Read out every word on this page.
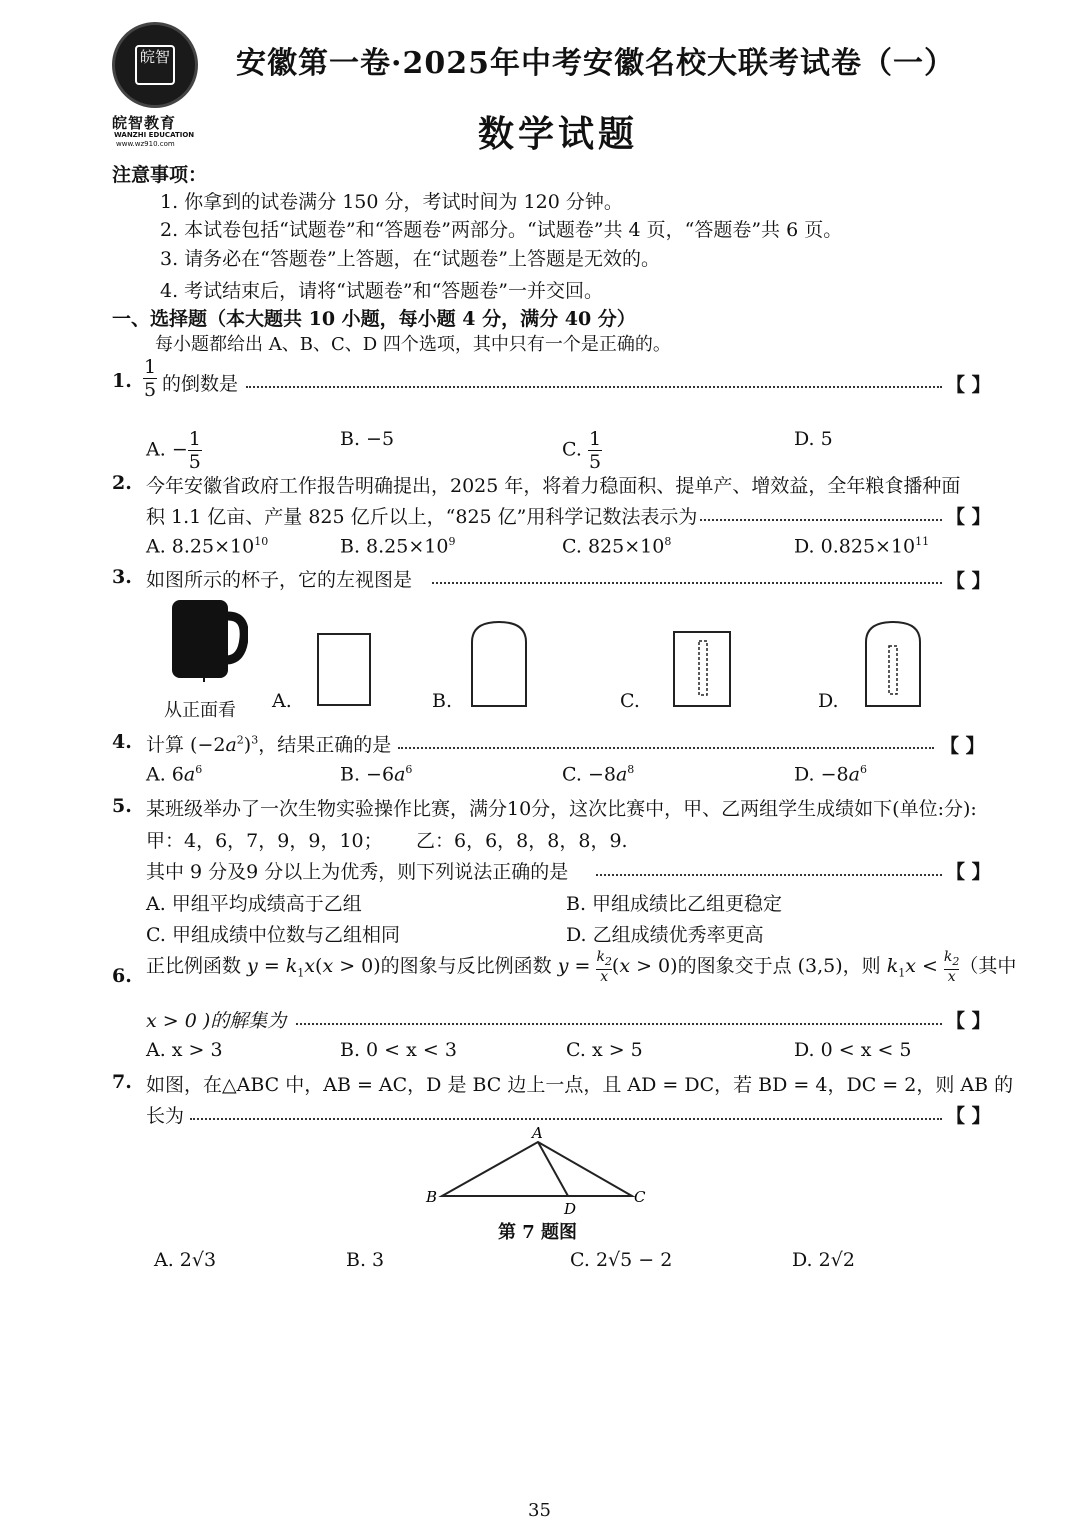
皖智
皖智教育
WANZHI EDUCATION
www.wz910.com
安徽第一卷·2025年中考安徽名校大联考试卷（一）
数学试题
注意事项：
1. 你拿到的试卷满分 150 分，考试时间为 120 分钟。
2. 本试卷包括“试题卷”和“答题卷”两部分。“试题卷”共 4 页，“答题卷”共 6 页。
3. 请务必在“答题卷”上答题，在“试题卷”上答题是无效的。
4. 考试结束后，请将“试题卷”和“答题卷”一并交回。
一、选择题（本大题共 10 小题，每小题 4 分，满分 40 分）
每小题都给出 A、B、C、D 四个选项，其中只有一个是正确的。
1. $\frac{1}{5}$ 的倒数是	【 】
A. − $\frac{1}{5}$	B. −5	C. $\frac{1}{5}$	D. 5
2. 今年安徽省政府工作报告明确提出，2025 年，将着力稳面积、提单产、增效益，全年粮食播种面
积 1.1 亿亩、产量 825 亿斤以上，“825 亿”用科学记数法表示为	【 】
A. $8.25\times 10^{10}$	B. $8.25\times 10^9$	C. $825\times 10^8$	D. $0.825\times 10^{11}$
3. 如图所示的杯子，它的左视图是	【 】
从正面看 A.	B.	C.	D.
4. 计算 $(-2a^2)^3$，结果正确的是	【 】
A. $6a^6$	B. $-6a^6$	C. $-8a^8$	D. $-8a^6$
5. 某班级举办了一次生物实验操作比赛，满分10分，这次比赛中，甲、乙两组学生成绩如下(单位:分):
甲：4，6，7，9，9，10； 乙：6，6，8，8，8，9.
其中 9 分及9 分以上为优秀，则下列说法正确的是	【 】
A. 甲组平均成绩高于乙组	B. 甲组成绩比乙组更稳定
C. 甲组成绩中位数与乙组相同	D. 乙组成绩优秀率更高
6. 正比例函数 $y = k_1x(x > 0)$的图象与反比例函数 $y = \frac{k_2}{x}(x > 0)$的图象交于点 (3,5)，则 $k_1x < \frac{k_2}{x}$（其中
x > 0 )的解集为	【 】
A. x > 3	B. 0 < x < 3	C. x > 5	D. 0 < x < 5
7. 如图，在△ABC 中，AB = AC，D 是 BC 边上一点，且 AD = DC，若 BD = 4，DC = 2，则 AB 的
长为	【 】
A
B	C
D
第 7 题图
A. 2√3	B. 3	C. 2√5 − 2	D. 2√2
35
